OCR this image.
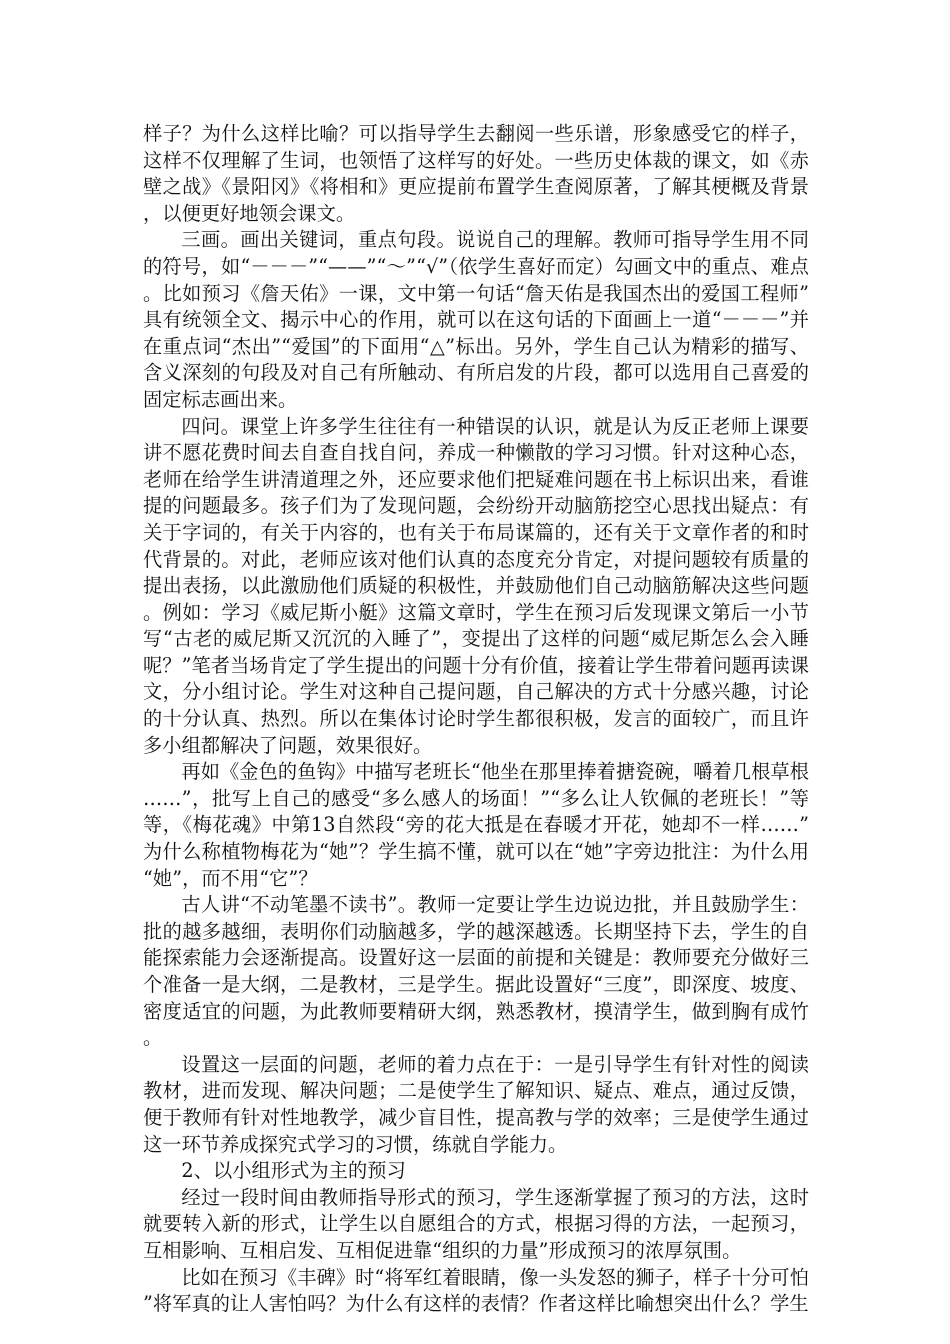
样子？为什么这样比喻？可以指导学生去翻阅一些乐谱，形象感受它的样子，这样不仅理解了生词，也领悟了这样写的好处。一些历史体裁的课文，如《赤壁之战》《景阳冈》《将相和》更应提前布置学生查阅原著，了解其梗概及背景，以便更好地领会课文。

三画。画出关键词，重点句段。说说自己的理解。教师可指导学生用不同的符号，如“－－－”“——”“～”“√”（依学生喜好而定）勾画文中的重点、难点。比如预习《詹天佑》一课，文中第一句话“詹天佑是我国杰出的爱国工程师”具有统领全文、揭示中心的作用，就可以在这句话的下面画上一道“－－－”并在重点词“杰出”“爱国”的下面用“△”标出。另外，学生自己认为精彩的描写、含义深刻的句段及对自己有所触动、有所启发的片段，都可以选用自己喜爱的固定标志画出来。

四问。课堂上许多学生往往有一种错误的认识，就是认为反正老师上课要讲不愿花费时间去自查自找自问，养成一种懒散的学习习惯。针对这种心态，老师在给学生讲清道理之外，还应要求他们把疑难问题在书上标识出来，看谁提的问题最多。孩子们为了发现问题，会纷纷开动脑筋挖空心思找出疑点：有关于字词的，有关于内容的，也有关于布局谋篇的，还有关于文章作者的和时代背景的。对此，老师应该对他们认真的态度充分肯定，对提问题较有质量的提出表扬，以此激励他们质疑的积极性，并鼓励他们自己动脑筋解决这些问题。例如：学习《威尼斯小艇》这篇文章时，学生在预习后发现课文第后一小节写“古老的威尼斯又沉沉的入睡了”，变提出了这样的问题“威尼斯怎么会入睡呢？”笔者当场肯定了学生提出的问题十分有价值，接着让学生带着问题再读课文，分小组讨论。学生对这种自己提问题，自己解决的方式十分感兴趣，讨论的十分认真、热烈。所以在集体讨论时学生都很积极，发言的面较广，而且许多小组都解决了问题，效果很好。

再如《金色的鱼钩》中描写老班长“他坐在那里捧着搪瓷碗，嚼着几根草根……”，批写上自己的感受“多么感人的场面！”“多么让人钦佩的老班长！”等等，《梅花魂》中第13自然段“旁的花大抵是在春暖才开花，她却不一样……”为什么称植物梅花为“她”？学生搞不懂，就可以在“她”字旁边批注：为什么用“她”，而不用“它”？

古人讲“不动笔墨不读书”。教师一定要让学生边说边批，并且鼓励学生：批的越多越细，表明你们动脑越多，学的越深越透。长期坚持下去，学生的自能探索能力会逐渐提高。设置好这一层面的前提和关键是：教师要充分做好三个准备一是大纲，二是教材，三是学生。据此设置好“三度”，即深度、坡度、密度适宜的问题，为此教师要精研大纲，熟悉教材，摸清学生，做到胸有成竹。

设置这一层面的问题，老师的着力点在于：一是引导学生有针对性的阅读教材，进而发现、解决问题；二是使学生了解知识、疑点、难点，通过反馈，便于教师有针对性地教学，减少盲目性，提高教与学的效率；三是使学生通过这一环节养成探究式学习的习惯，练就自学能力。

2、以小组形式为主的预习

经过一段时间由教师指导形式的预习，学生逐渐掌握了预习的方法，这时就要转入新的形式，让学生以自愿组合的方式，根据习得的方法，一起预习，互相影响、互相启发、互相促进靠“组织的力量”形成预习的浓厚氛围。

比如在预习《丰碑》时“将军红着眼睛，像一头发怒的狮子，样子十分可怕”将军真的让人害怕吗？为什么有这样的表情？作者这样比喻想突出什么？学生
